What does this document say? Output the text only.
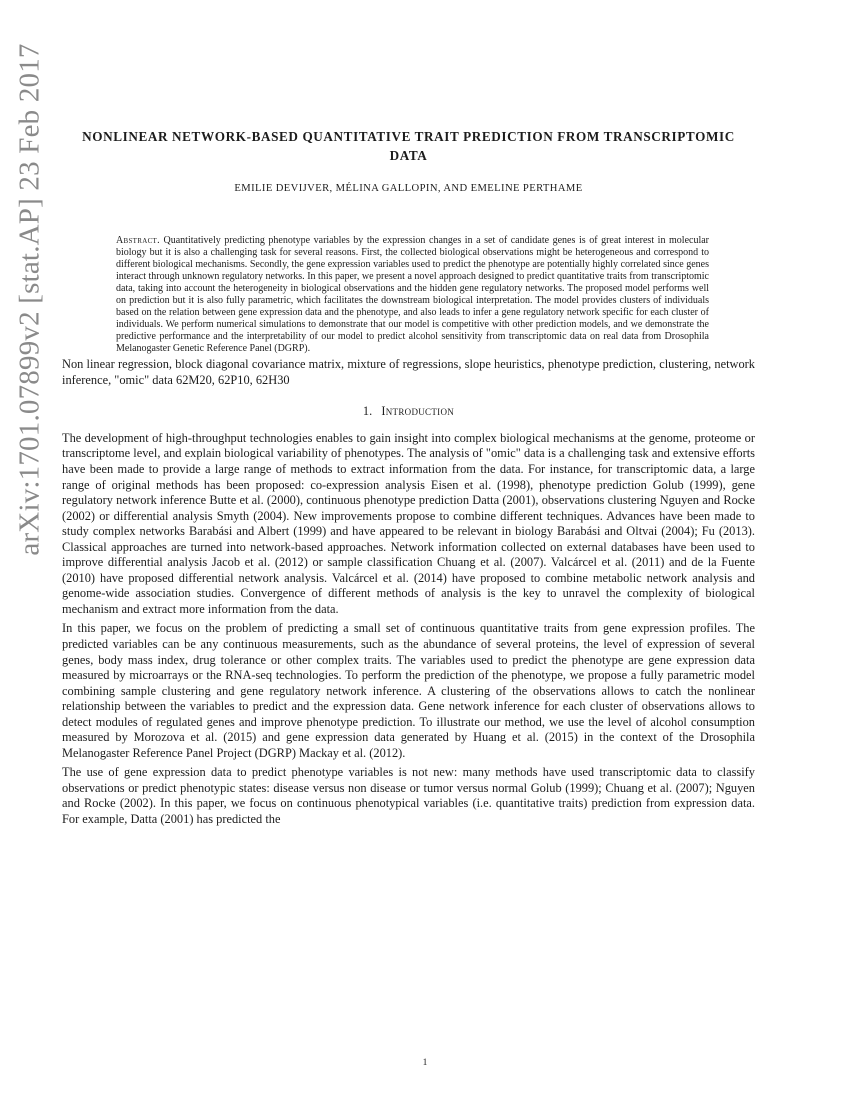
arXiv:1701.07899v2 [stat.AP] 23 Feb 2017	NONLINEAR NETWORK-BASED QUANTITATIVE TRAIT PREDICTION FROM TRANSCRIPTOMIC DATA
EMILIE DEVIJVER, MÉLINA GALLOPIN, AND EMELINE PERTHAME
Abstract. Quantitatively predicting phenotype variables by the expression changes in a set of candidate genes is of great interest in molecular biology but it is also a challenging task for several reasons. First, the collected biological observations might be heterogeneous and correspond to different biological mechanisms. Secondly, the gene expression variables used to predict the phenotype are potentially highly correlated since genes interact through unknown regulatory networks. In this paper, we present a novel approach designed to predict quantitative traits from transcriptomic data, taking into account the heterogeneity in biological observations and the hidden gene regulatory networks. The proposed model performs well on prediction but it is also fully parametric, which facilitates the downstream biological interpretation. The model provides clusters of individuals based on the relation between gene expression data and the phenotype, and also leads to infer a gene regulatory network specific for each cluster of individuals. We perform numerical simulations to demonstrate that our model is competitive with other prediction models, and we demonstrate the predictive performance and the interpretability of our model to predict alcohol sensitivity from transcriptomic data on real data from Drosophila Melanogaster Genetic Reference Panel (DGRP).
Non linear regression, block diagonal covariance matrix, mixture of regressions, slope heuristics, phenotype prediction, clustering, network inference, "omic" data 62M20, 62P10, 62H30
1. Introduction
The development of high-throughput technologies enables to gain insight into complex biological mechanisms at the genome, proteome or transcriptome level, and explain biological variability of phenotypes. The analysis of "omic" data is a challenging task and extensive efforts have been made to provide a large range of methods to extract information from the data. For instance, for transcriptomic data, a large range of original methods has been proposed: co-expression analysis Eisen et al. (1998), phenotype prediction Golub (1999), gene regulatory network inference Butte et al. (2000), continuous phenotype prediction Datta (2001), observations clustering Nguyen and Rocke (2002) or differential analysis Smyth (2004). New improvements propose to combine different techniques. Advances have been made to study complex networks Barabási and Albert (1999) and have appeared to be relevant in biology Barabási and Oltvai (2004); Fu (2013). Classical approaches are turned into network-based approaches. Network information collected on external databases have been used to improve differential analysis Jacob et al. (2012) or sample classification Chuang et al. (2007). Valcárcel et al. (2011) and de la Fuente (2010) have proposed differential network analysis. Valcárcel et al. (2014) have proposed to combine metabolic network analysis and genome-wide association studies. Convergence of different methods of analysis is the key to unravel the complexity of biological mechanism and extract more information from the data.
In this paper, we focus on the problem of predicting a small set of continuous quantitative traits from gene expression profiles. The predicted variables can be any continuous measurements, such as the abundance of several proteins, the level of expression of several genes, body mass index, drug tolerance or other complex traits. The variables used to predict the phenotype are gene expression data measured by microarrays or the RNA-seq technologies. To perform the prediction of the phenotype, we propose a fully parametric model combining sample clustering and gene regulatory network inference. A clustering of the observations allows to catch the nonlinear relationship between the variables to predict and the expression data. Gene network inference for each cluster of observations allows to detect modules of regulated genes and improve phenotype prediction. To illustrate our method, we use the level of alcohol consumption measured by Morozova et al. (2015) and gene expression data generated by Huang et al. (2015) in the context of the Drosophila Melanogaster Reference Panel Project (DGRP) Mackay et al. (2012).
The use of gene expression data to predict phenotype variables is not new: many methods have used transcriptomic data to classify observations or predict phenotypic states: disease versus non disease or tumor versus normal Golub (1999); Chuang et al. (2007); Nguyen and Rocke (2002). In this paper, we focus on continuous phenotypical variables (i.e. quantitative traits) prediction from expression data. For example, Datta (2001) has predicted the
1
